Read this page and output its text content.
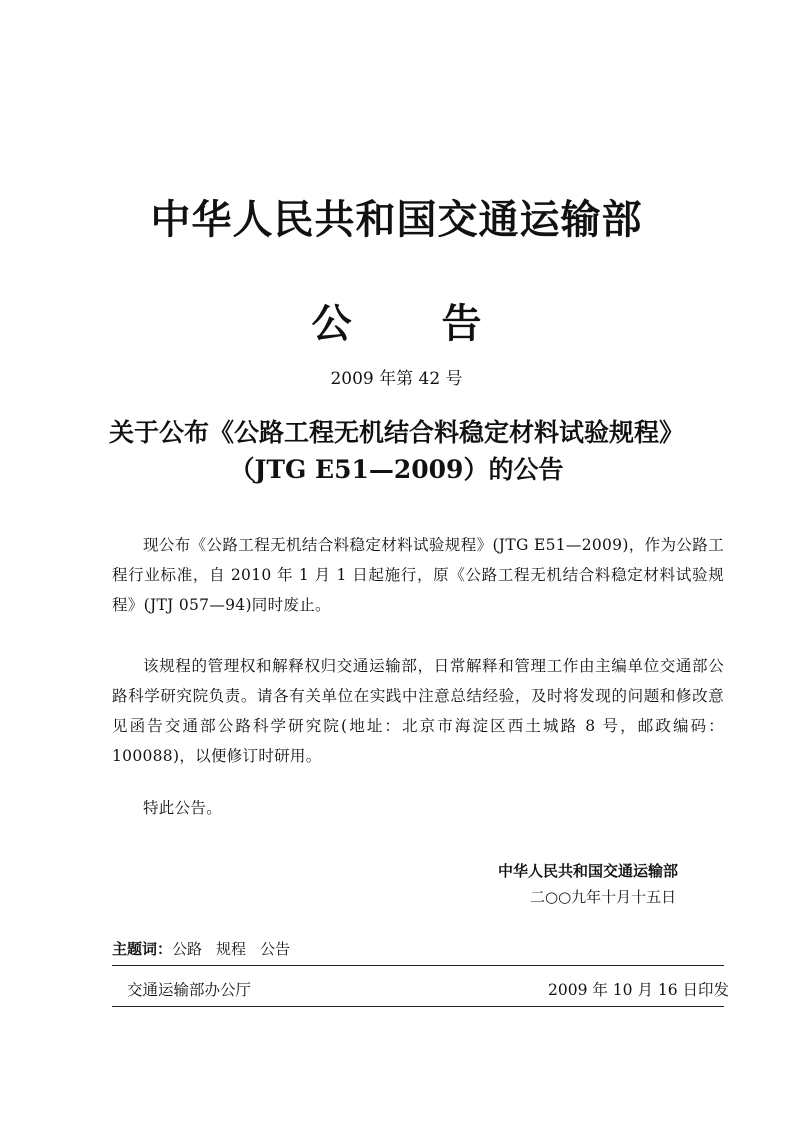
中华人民共和国交通运输部
公 告
2009 年第 42 号
关于公布《公路工程无机结合料稳定材料试验规程》
（JTG E51—2009）的公告
现公布《公路工程无机结合料稳定材料试验规程》(JTG E51—2009)，作为公路工程行业标准，自 2010 年 1 月 1 日起施行，原《公路工程无机结合料稳定材料试验规程》(JTJ 057—94)同时废止。
该规程的管理权和解释权归交通运输部，日常解释和管理工作由主编单位交通部公路科学研究院负责。请各有关单位在实践中注意总结经验，及时将发现的问题和修改意见函告交通部公路科学研究院(地址：北京市海淀区西土城路 8 号，邮政编码：100088)，以便修订时研用。
特此公告。
中华人民共和国交通运输部
二○○九年十月十五日
主题词：公路 规程 公告
交通运输部办公厅	2009 年 10 月 16 日印发
